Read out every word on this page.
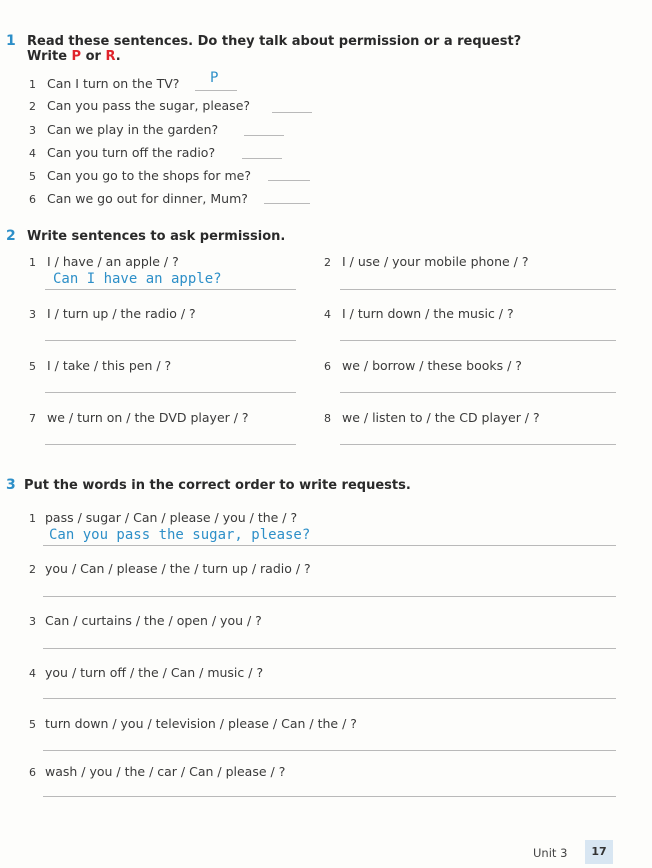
1 Read these sentences. Do they talk about permission or a request?
Write P or R.
1 Can I turn on the TV? P
2 Can you pass the sugar, please?
3 Can we play in the garden?
4 Can you turn off the radio?
5 Can you go to the shops for me?
6 Can we go out for dinner, Mum?
2 Write sentences to ask permission.
1 I / have / an apple / ?
Can I have an apple?
2 I / use / your mobile phone / ?
3 I / turn up / the radio / ?	4 I / turn down / the music / ?
5 I / take / this pen / ?	6 we / borrow / these books / ?
7 we / turn on / the DVD player / ?	8 we / listen to / the CD player / ?
3 Put the words in the correct order to write requests.
1 pass / sugar / Can / please / you / the / ?
Can you pass the sugar, please?
2 you / Can / please / the / turn up / radio / ?
3 Can / curtains / the / open / you / ?
4 you / turn off / the / Can / music / ?
5 turn down / you / television / please / Can / the / ?
6 wash / you / the / car / Can / please / ?
Unit 3	17
